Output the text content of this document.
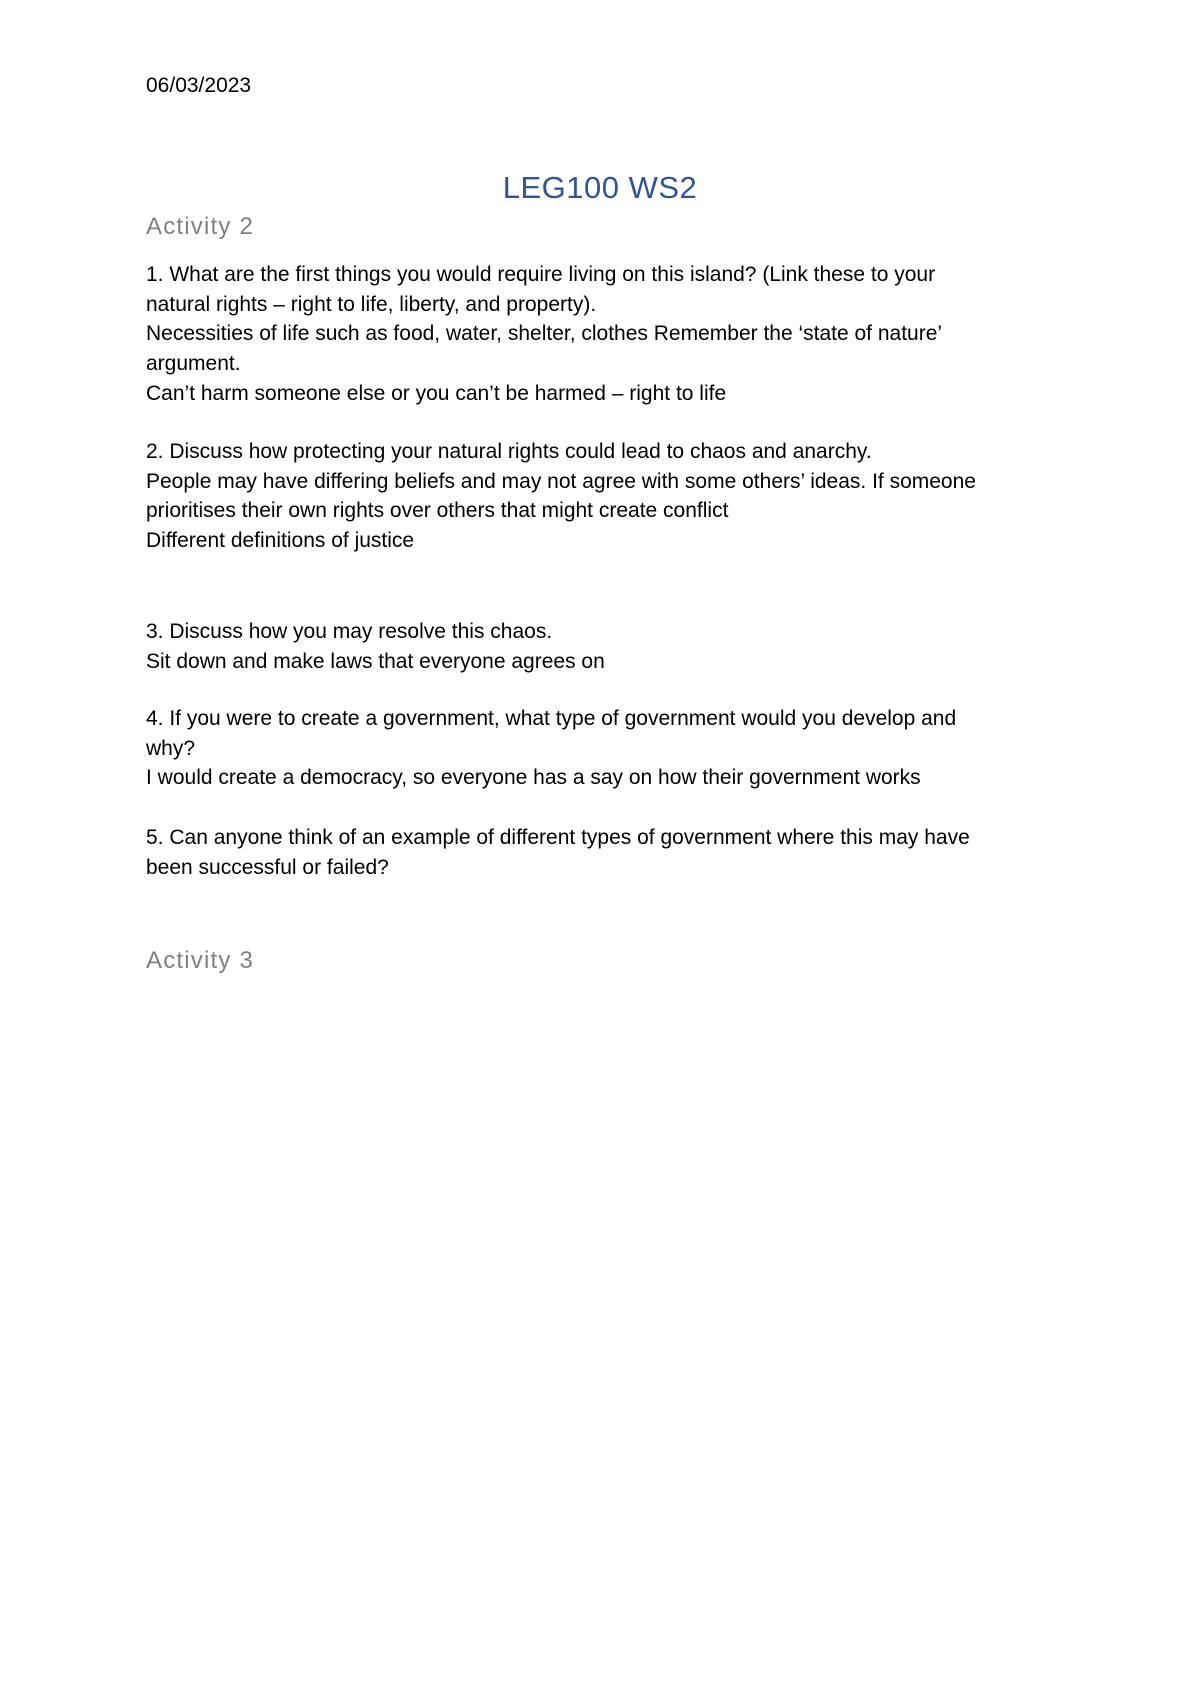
06/03/2023
LEG100 WS2
Activity 2
1. What are the first things you would require living on this island? (Link these to your
natural rights – right to life, liberty, and property).
Necessities of life such as food, water, shelter, clothes Remember the ‘state of nature’
argument.
Can’t harm someone else or you can’t be harmed – right to life
2. Discuss how protecting your natural rights could lead to chaos and anarchy.
People may have differing beliefs and may not agree with some others’ ideas. If someone
prioritises their own rights over others that might create conflict
Different definitions of justice
3. Discuss how you may resolve this chaos.
Sit down and make laws that everyone agrees on
4. If you were to create a government, what type of government would you develop and
why?
I would create a democracy, so everyone has a say on how their government works
5. Can anyone think of an example of different types of government where this may have
been successful or failed?
Activity 3
